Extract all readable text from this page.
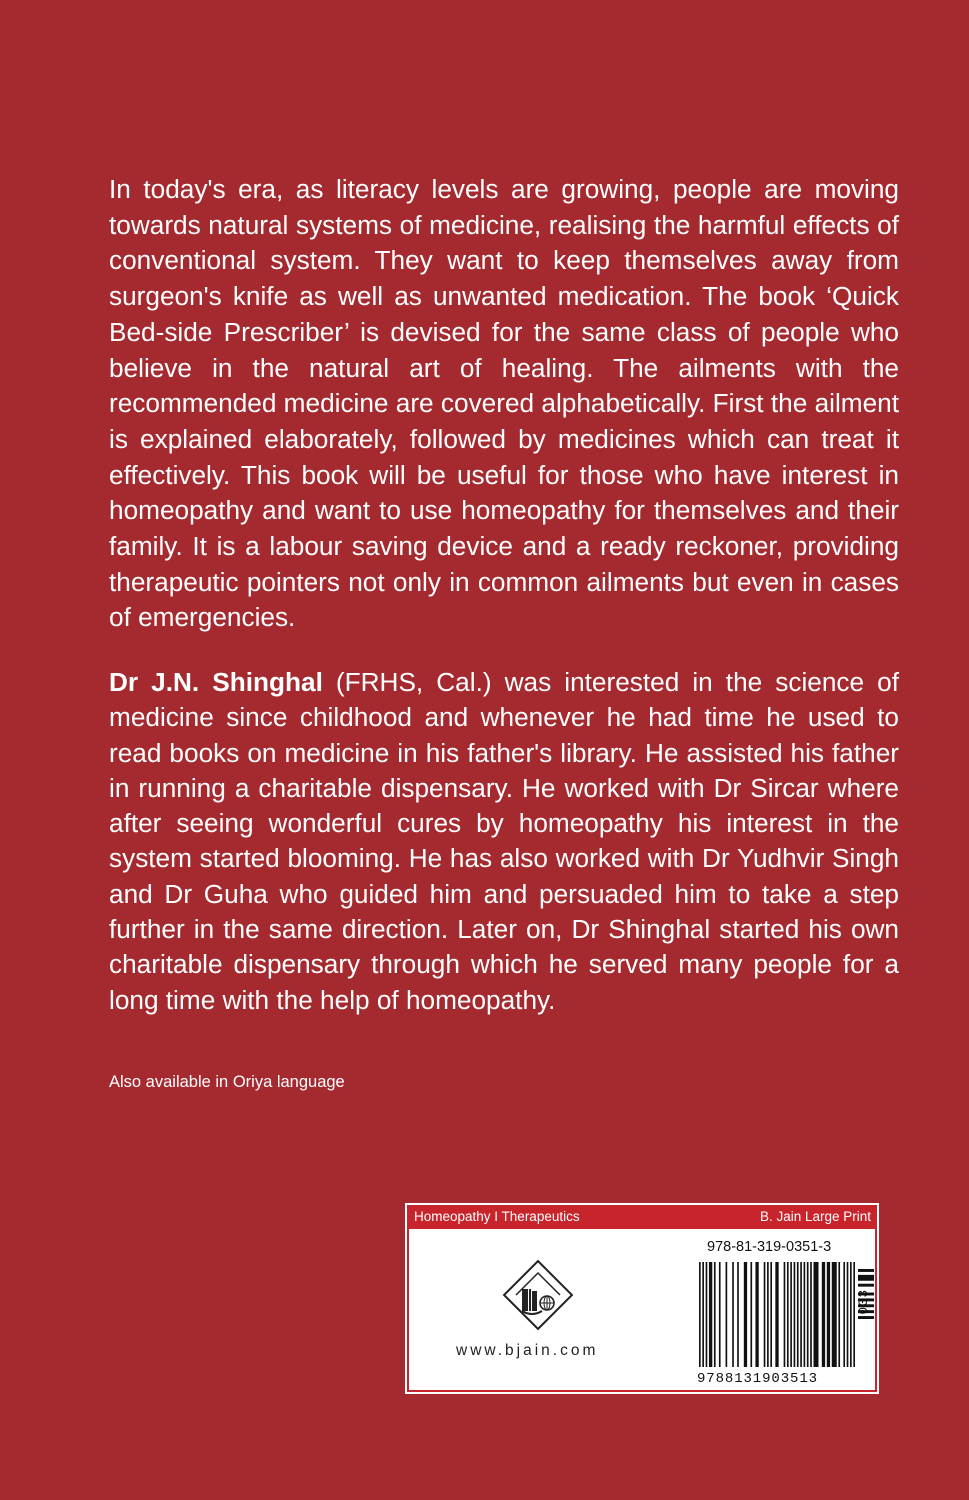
In today's era, as literacy levels are growing, people are moving towards natural systems of medicine, realising the harmful effects of conventional system. They want to keep themselves away from surgeon's knife as well as unwanted medication. The book ‘Quick Bed-side Prescriber’ is devised for the same class of people who believe in the natural art of healing. The ailments with the recommended medicine are covered alphabetically. First the ailment is explained elaborately, followed by medicines which can treat it effectively. This book will be useful for those who have interest in homeopathy and want to use homeopathy for themselves and their family. It is a labour saving device and a ready reckoner, providing therapeutic pointers not only in common ailments but even in cases of emergencies.

Dr J.N. Shinghal (FRHS, Cal.) was interested in the science of medicine since childhood and whenever he had time he used to read books on medicine in his father's library. He assisted his father in running a charitable dispensary. He worked with Dr Sircar where after seeing wonderful cures by homeopathy his interest in the system started blooming. He has also worked with Dr Yudhvir Singh and Dr Guha who guided him and persuaded him to take a step further in the same direction. Later on, Dr Shinghal started his own charitable dispensary through which he served many people for a long time with the help of homeopathy.

Also available in Oriya language
Homeopathy I Therapeutics	B. Jain Large Print
www.bjain.com
978-81-319-0351-3
9788131903513
033
